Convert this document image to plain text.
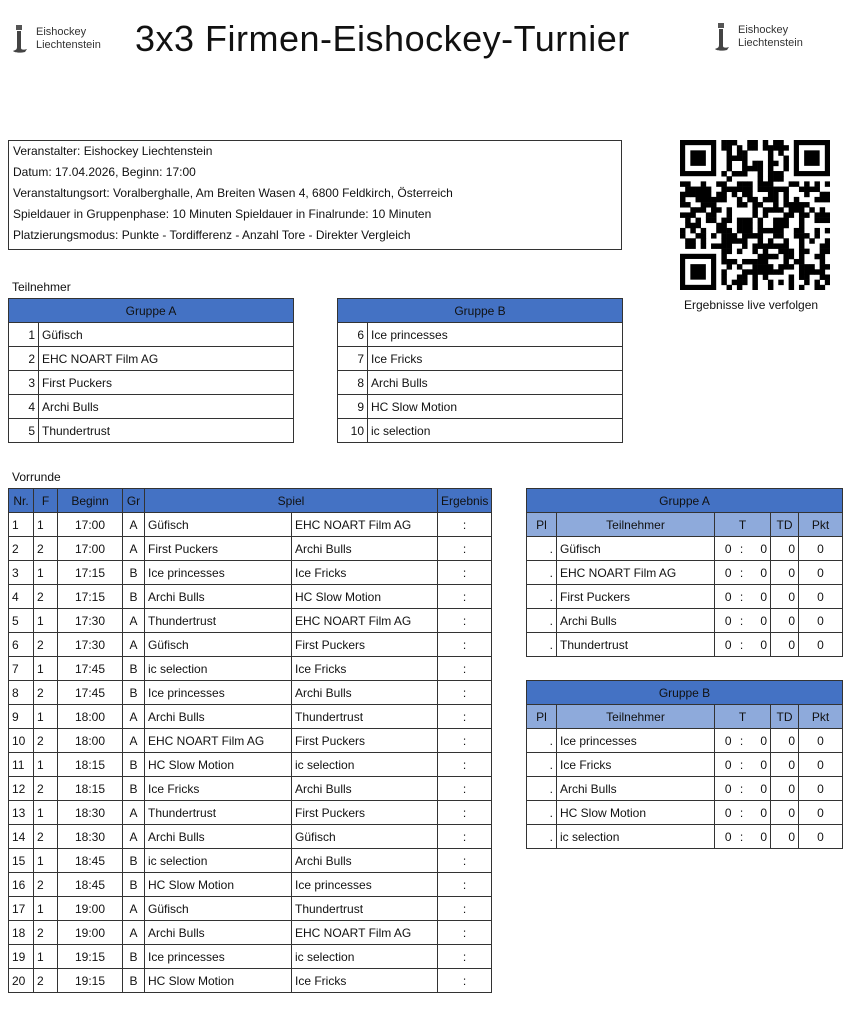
Eishockey
Liechtenstein 3x3 Firmen-Eishockey-Turnier	Eishockey
Liechtenstein
Veranstalter: Eishockey Liechtenstein
Datum: 17.04.2026, Beginn: 17:00
Veranstaltungsort: Voralberghalle, Am Breiten Wasen 4, 6800 Feldkirch, Österreich
Spieldauer in Gruppenphase: 10 Minuten Spieldauer in Finalrunde: 10 Minuten
Platzierungsmodus: Punkte - Tordifferenz - Anzahl Tore - Direkter Vergleich
Ergebnisse live verfolgen
Teilnehmer
Gruppe A	
1	Güfisch
2	EHC NOART Film AG
3	First Puckers
4	Archi Bulls
5	Thundertrust
Gruppe B	
6	Ice princesses
7	Ice Fricks
8	Archi Bulls
9	HC Slow Motion
10	ic selection
Vorrunde
Nr.	F	Beginn	Gr	Spiel		Ergebnis
1	1	17:00	A	Güfisch	EHC NOART Film AG	:
2	2	17:00	A	First Puckers	Archi Bulls	:
3	1	17:15	B	Ice princesses	Ice Fricks	:
4	2	17:15	B	Archi Bulls	HC Slow Motion	:
5	1	17:30	A	Thundertrust	EHC NOART Film AG	:
6	2	17:30	A	Güfisch	First Puckers	:
7	1	17:45	B	ic selection	Ice Fricks	:
8	2	17:45	B	Ice princesses	Archi Bulls	:
9	1	18:00	A	Archi Bulls	Thundertrust	:
10	2	18:00	A	EHC NOART Film AG	First Puckers	:
11	1	18:15	B	HC Slow Motion	ic selection	:
12	2	18:15	B	Ice Fricks	Archi Bulls	:
13	1	18:30	A	Thundertrust	First Puckers	:
14	2	18:30	A	Archi Bulls	Güfisch	:
15	1	18:45	B	ic selection	Archi Bulls	:
16	2	18:45	B	HC Slow Motion	Ice princesses	:
17	1	19:00	A	Güfisch	Thundertrust	:
18	2	19:00	A	Archi Bulls	EHC NOART Film AG	:
19	1	19:15	B	Ice princesses	ic selection	:
20	2	19:15	B	HC Slow Motion	Ice Fricks	:
Gruppe A						
Pl	Teilnehmer	T			TD	Pkt
.	Güfisch	0	:	0	0	0
.	EHC NOART Film AG	0	:	0	0	0
.	First Puckers	0	:	0	0	0
.	Archi Bulls	0	:	0	0	0
.	Thundertrust	0	:	0	0	0
Gruppe B						
Pl	Teilnehmer	T			TD	Pkt
.	Ice princesses	0	:	0	0	0
.	Ice Fricks	0	:	0	0	0
.	Archi Bulls	0	:	0	0	0
.	HC Slow Motion	0	:	0	0	0
.	ic selection	0	:	0	0	0
